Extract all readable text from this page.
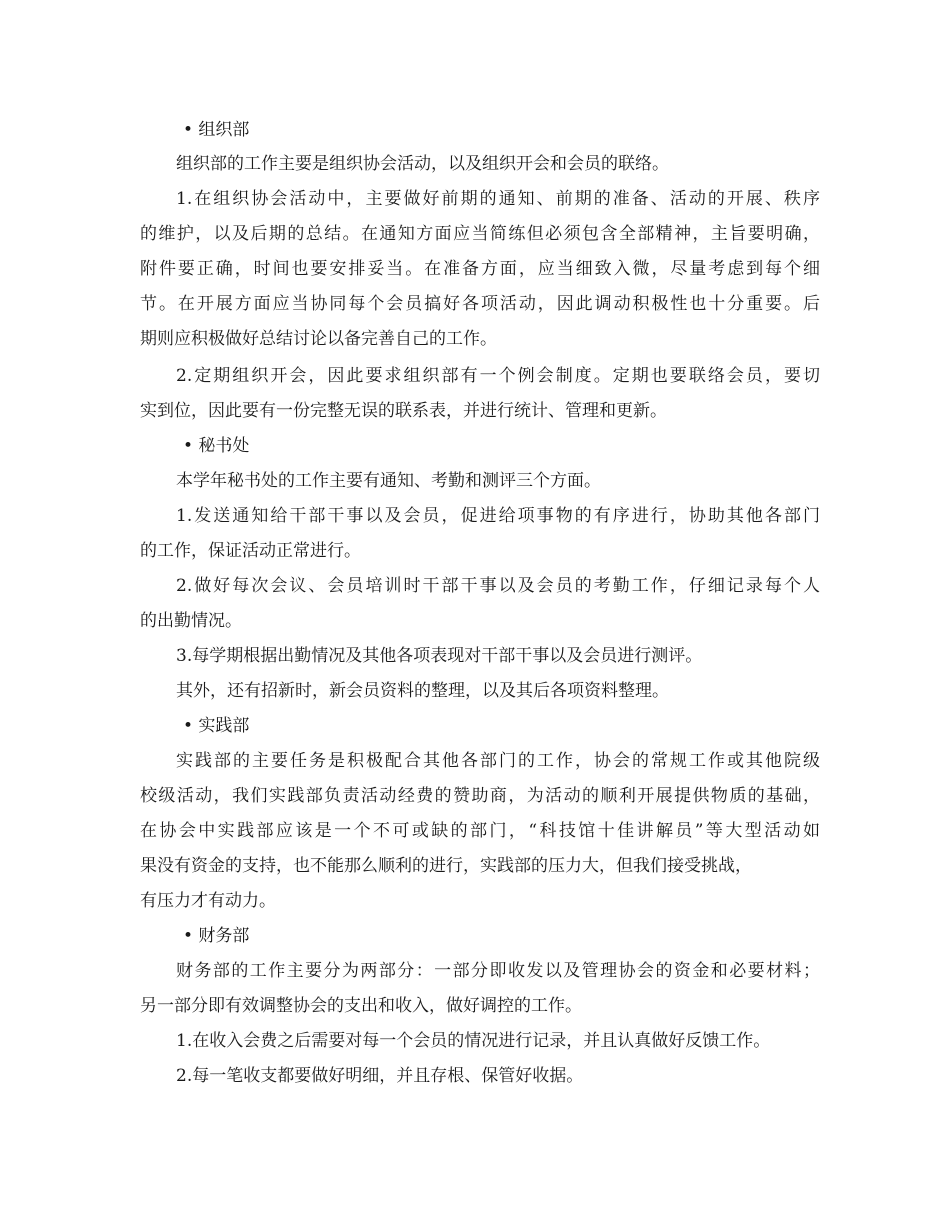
• 组织部
组织部的工作主要是组织协会活动，以及组织开会和会员的联络。
1.在组织协会活动中，主要做好前期的通知、前期的准备、活动的开展、秩序
的维护，以及后期的总结。在通知方面应当简练但必须包含全部精神，主旨要明确，
附件要正确，时间也要安排妥当。在准备方面，应当细致入微，尽量考虑到每个细
节。在开展方面应当协同每个会员搞好各项活动，因此调动积极性也十分重要。后
期则应积极做好总结讨论以备完善自己的工作。
2.定期组织开会，因此要求组织部有一个例会制度。定期也要联络会员，要切
实到位，因此要有一份完整无误的联系表，并进行统计、管理和更新。
• 秘书处
本学年秘书处的工作主要有通知、考勤和测评三个方面。
1.发送通知给干部干事以及会员，促进给项事物的有序进行，协助其他各部门
的工作，保证活动正常进行。
2.做好每次会议、会员培训时干部干事以及会员的考勤工作，仔细记录每个人
的出勤情况。
3.每学期根据出勤情况及其他各项表现对干部干事以及会员进行测评。
其外，还有招新时，新会员资料的整理，以及其后各项资料整理。
• 实践部
实践部的主要任务是积极配合其他各部门的工作，协会的常规工作或其他院级
校级活动，我们实践部负责活动经费的赞助商，为活动的顺利开展提供物质的基础，
在协会中实践部应该是一个不可或缺的部门，“科技馆十佳讲解员”等大型活动如
果没有资金的支持，也不能那么顺利的进行，实践部的压力大，但我们接受挑战，
有压力才有动力。
• 财务部
财务部的工作主要分为两部分：一部分即收发以及管理协会的资金和必要材料；
另一部分即有效调整协会的支出和收入，做好调控的工作。
1.在收入会费之后需要对每一个会员的情况进行记录，并且认真做好反馈工作。
2.每一笔收支都要做好明细，并且存根、保管好收据。
